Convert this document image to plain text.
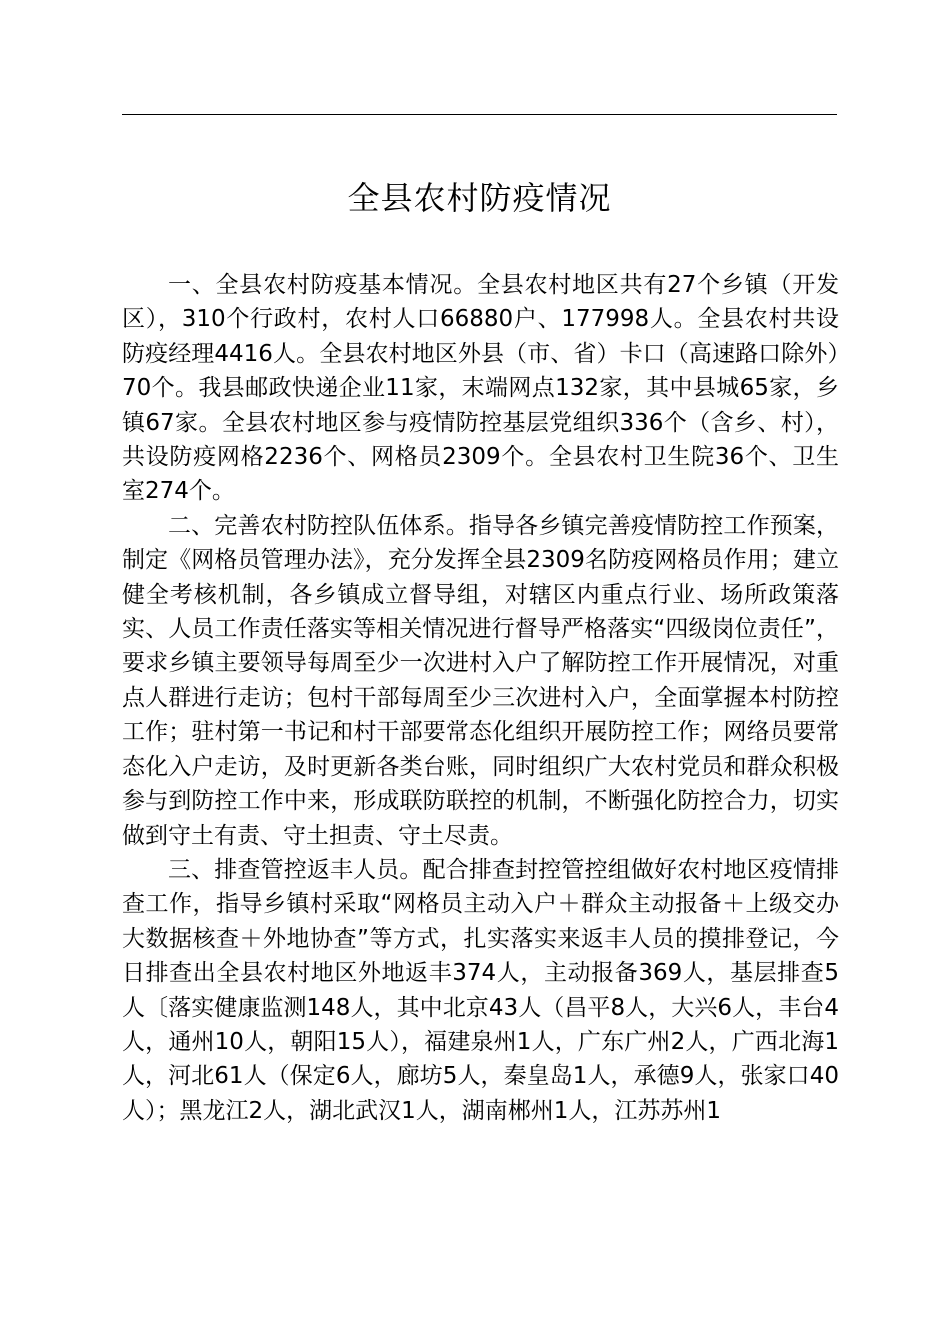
全县农村防疫情况

一、全县农村防疫基本情况。全县农村地区共有27个乡镇（开发区），310个行政村，农村人口66880户、177998人。全县农村共设防疫经理4416人。全县农村地区外县（市、省）卡口（高速路口除外）70个。我县邮政快递企业11家，末端网点132家，其中县城65家，乡镇67家。全县农村地区参与疫情防控基层党组织336个（含乡、村），共设防疫网格2236个、网格员2309个。全县农村卫生院36个、卫生室274个。

二、完善农村防控队伍体系。指导各乡镇完善疫情防控工作预案，制定《网格员管理办法》，充分发挥全县2309名防疫网格员作用；建立健全考核机制，各乡镇成立督导组，对辖区内重点行业、场所政策落实、人员工作责任落实等相关情况进行督导严格落实“四级岗位责任”，要求乡镇主要领导每周至少一次进村入户了解防控工作开展情况，对重点人群进行走访；包村干部每周至少三次进村入户，全面掌握本村防控工作；驻村第一书记和村干部要常态化组织开展防控工作；网络员要常态化入户走访，及时更新各类台账，同时组织广大农村党员和群众积极参与到防控工作中来，形成联防联控的机制，不断强化防控合力，切实做到守土有责、守土担责、守土尽责。

三、排查管控返丰人员。配合排查封控管控组做好农村地区疫情排查工作，指导乡镇村采取“网格员主动入户＋群众主动报备＋上级交办大数据核查＋外地协查”等方式，扎实落实来返丰人员的摸排登记，今日排查出全县农村地区外地返丰374人，主动报备369人，基层排查5人〔落实健康监测148人，其中北京43人（昌平8人，大兴6人，丰台4人，通州10人，朝阳15人），福建泉州1人，广东广州2人，广西北海1人，河北61人（保定6人，廊坊5人，秦皇岛1人，承德9人，张家口40人）；黑龙江2人，湖北武汉1人，湖南郴州1人，江苏苏州1
